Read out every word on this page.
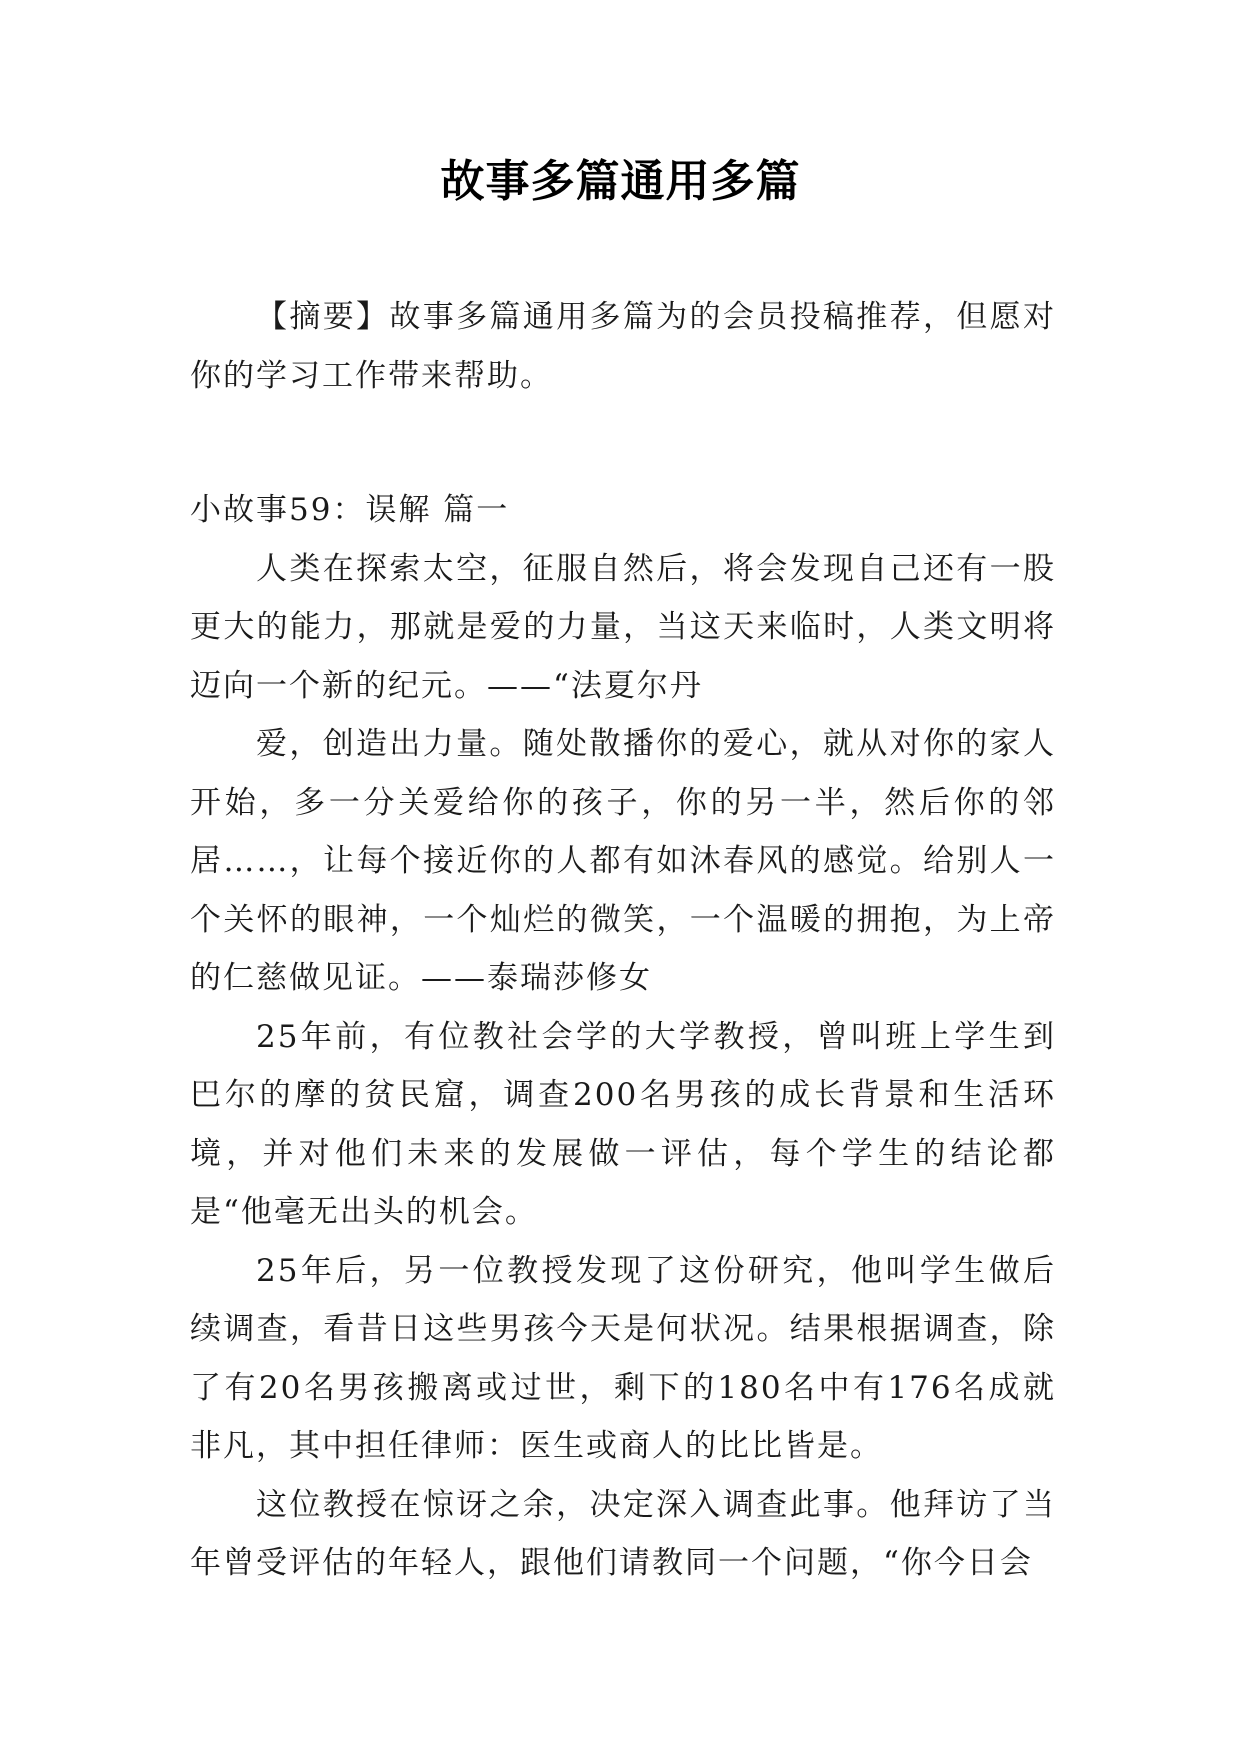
故事多篇通用多篇

【摘要】故事多篇通用多篇为的会员投稿推荐，但愿对你的学习工作带来帮助。

小故事59：误解 篇一

人类在探索太空，征服自然后，将会发现自己还有一股更大的能力，那就是爱的力量，当这天来临时，人类文明将迈向一个新的纪元。——“法夏尔丹

爱，创造出力量。随处散播你的爱心，就从对你的家人开始，多一分关爱给你的孩子，你的另一半，然后你的邻居……，让每个接近你的人都有如沐春风的感觉。给别人一个关怀的眼神，一个灿烂的微笑，一个温暖的拥抱，为上帝的仁慈做见证。——泰瑞莎修女

25年前，有位教社会学的大学教授，曾叫班上学生到巴尔的摩的贫民窟，调查200名男孩的成长背景和生活环境，并对他们未来的发展做一评估，每个学生的结论都是“他毫无出头的机会。

25年后，另一位教授发现了这份研究，他叫学生做后续调查，看昔日这些男孩今天是何状况。结果根据调查，除了有20名男孩搬离或过世，剩下的180名中有176名成就非凡，其中担任律师：医生或商人的比比皆是。

这位教授在惊讶之余，决定深入调查此事。他拜访了当年曾受评估的年轻人，跟他们请教同一个问题，“你今日会
